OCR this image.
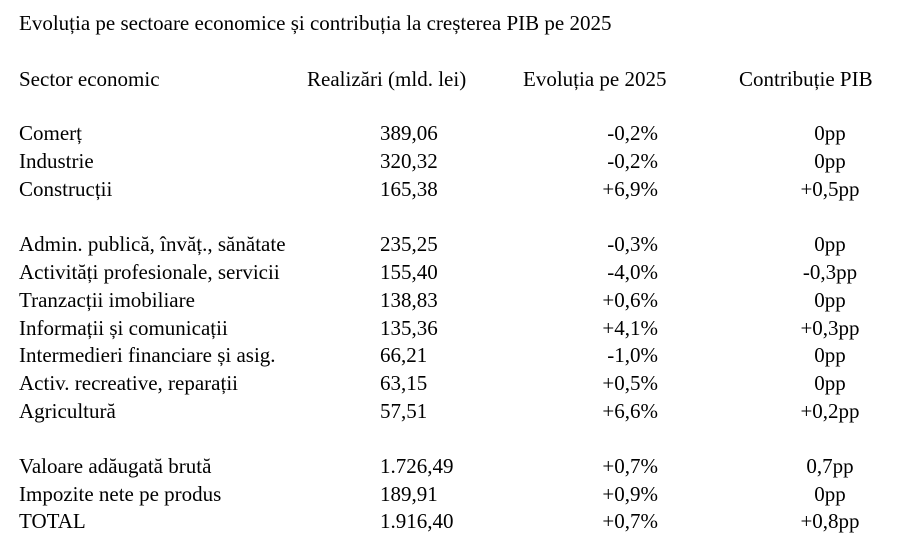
Evoluția pe sectoare economice și contribuția la creșterea PIB pe 2025
Sector economic	Realizări (mld. lei)	Evoluția pe 2025	Contribuție PIB
Comerț	389,06	-0,2%	0pp
Industrie	320,32	-0,2%	0pp
Construcții	165,38	+6,9%	+0,5pp
Admin. publică, învăț., sănătate	235,25	-0,3%	0pp
Activități profesionale, servicii	155,40	-4,0%	-0,3pp
Tranzacții imobiliare	138,83	+0,6%	0pp
Informații și comunicații	135,36	+4,1%	+0,3pp
Intermedieri financiare și asig.	66,21	-1,0%	0pp
Activ. recreative, reparații	63,15	+0,5%	0pp
Agricultură	57,51	+6,6%	+0,2pp
Valoare adăugată brută	1.726,49	+0,7%	0,7pp
Impozite nete pe produs	189,91	+0,9%	0pp
TOTAL	1.916,40	+0,7%	+0,8pp
